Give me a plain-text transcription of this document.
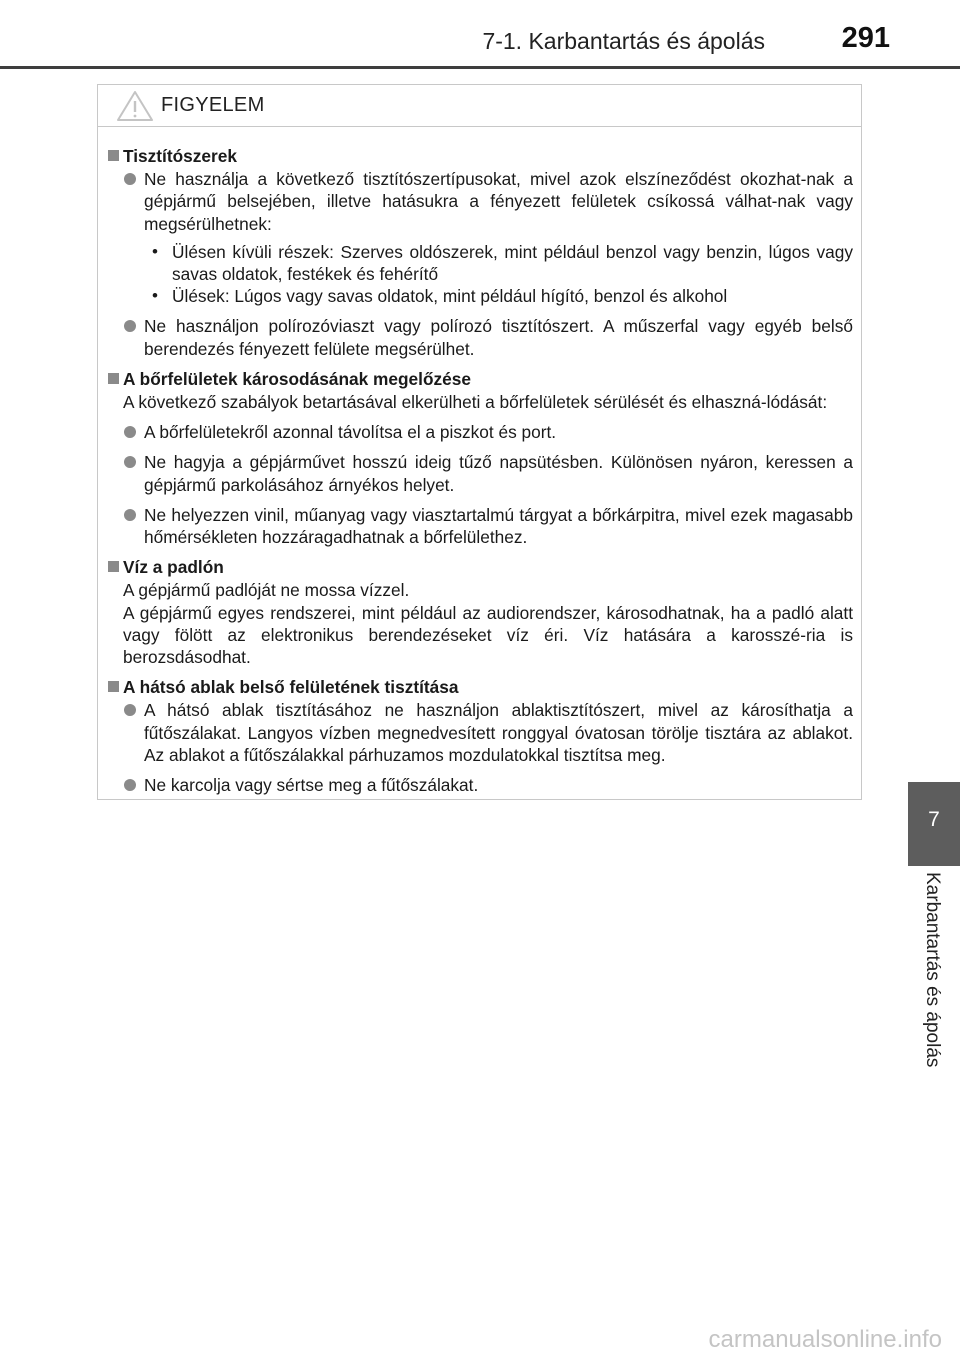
7-1. Karbantartás és ápolás	291
FIGYELEM
Tisztítószerek
Ne használja a következő tisztítószertípusokat, mivel azok elszíneződést okozhat-nak a gépjármű belsejében, illetve hatásukra a fényezett felületek csíkossá válhat-nak vagy megsérülhetnek:
• Ülésen kívüli részek: Szerves oldószerek, mint például benzol vagy benzin, lúgos vagy savas oldatok, festékek és fehérítő
• Ülések: Lúgos vagy savas oldatok, mint például hígító, benzol és alkohol
Ne használjon polírozóviaszt vagy polírozó tisztítószert. A műszerfal vagy egyéb belső berendezés fényezett felülete megsérülhet.
A bőrfelületek károsodásának megelőzése
A következő szabályok betartásával elkerülheti a bőrfelületek sérülését és elhaszná-lódását:
A bőrfelületekről azonnal távolítsa el a piszkot és port.
Ne hagyja a gépjárművet hosszú ideig tűző napsütésben. Különösen nyáron, keressen a gépjármű parkolásához árnyékos helyet.
Ne helyezzen vinil, műanyag vagy viasztartalmú tárgyat a bőrkárpitra, mivel ezek magasabb hőmérsékleten hozzáragadhatnak a bőrfelülethez.
Víz a padlón
A gépjármű padlóját ne mossa vízzel.
A gépjármű egyes rendszerei, mint például az audiorendszer, károsodhatnak, ha a padló alatt vagy fölött az elektronikus berendezéseket víz éri. Víz hatására a karosszé-ria is berozsdásodhat.
A hátsó ablak belső felületének tisztítása
A hátsó ablak tisztításához ne használjon ablaktisztítószert, mivel az károsíthatja a fűtőszálakat. Langyos vízben megnedvesített ronggyal óvatosan törölje tisztára az ablakot. Az ablakot a fűtőszálakkal párhuzamos mozdulatokkal tisztítsa meg.
Ne karcolja vagy sértse meg a fűtőszálakat.
7
Karbantartás és ápolás
carmanualsonline.info
